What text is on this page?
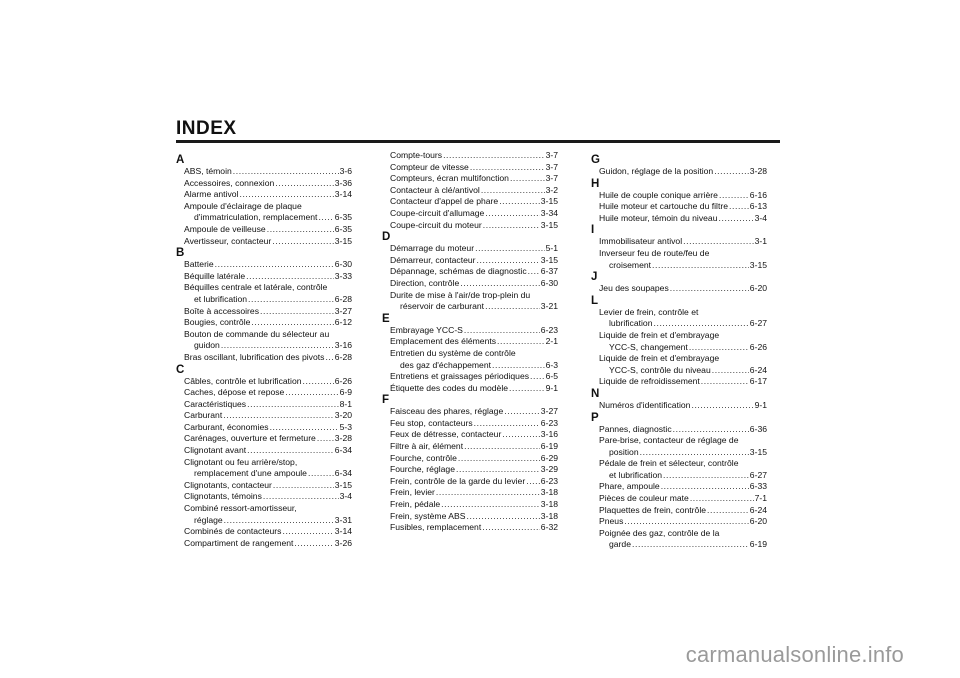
INDEX
A
ABS, témoin .....	3-6
Accessoires, connexion .....	3-36
Alarme antivol .....	3-14
Ampoule d'éclairage de plaque
d'immatriculation, remplacement ..... 6-35
Ampoule de veilleuse .....	6-35
Avertisseur, contacteur .....	3-15
B
Batterie .....	6-30
Béquille latérale .....	3-33
Béquilles centrale et latérale, contrôle
et lubrification .....	6-28
Boîte à accessoires .....	3-27
Bougies, contrôle .....	6-12
Bouton de commande du sélecteur au
guidon .....	3-16
Bras oscillant, lubrification des pivots ..... 6-28
C
Câbles, contrôle et lubrification .....	6-26
Caches, dépose et repose .....	6-9
Caractéristiques .....	8-1
Carburant .....	3-20
Carburant, économies .....	5-3
Carénages, ouverture et fermeture ..... 3-28
Clignotant avant .....	6-34
Clignotant ou feu arrière/stop,
remplacement d'une ampoule .....	6-34
Clignotants, contacteur .....	3-15
Clignotants, témoins .....	3-4
Combiné ressort-amortisseur,
réglage .....	3-31
Combinés de contacteurs .....	3-14
Compartiment de rangement .....	3-26
Compte-tours .....	3-7
Compteur de vitesse .....	3-7
Compteurs, écran multifonction .....	3-7
Contacteur à clé/antivol .....	3-2
Contacteur d'appel de phare .....	3-15
Coupe-circuit d'allumage .....	3-34
Coupe-circuit du moteur .....	3-15
D
Démarrage du moteur .....	5-1
Démarreur, contacteur .....	3-15
Dépannage, schémas de diagnostic ..... 6-37
Direction, contrôle .....	6-30
Durite de mise à l'air/de trop-plein du
réservoir de carburant .....	3-21
E
Embrayage YCC-S .....	6-23
Emplacement des éléments .....	2-1
Entretien du système de contrôle
des gaz d'échappement .....	6-3
Entretiens et graissages périodiques ..... 6-5
Étiquette des codes du modèle .....	9-1
F
Faisceau des phares, réglage .....	3-27
Feu stop, contacteurs .....	6-23
Feux de détresse, contacteur .....	3-16
Filtre à air, élément .....	6-19
Fourche, contrôle .....	6-29
Fourche, réglage .....	3-29
Frein, contrôle de la garde du levier ..... 6-23
Frein, levier .....	3-18
Frein, pédale .....	3-18
Frein, système ABS .....	3-18
Fusibles, remplacement .....	6-32
G
Guidon, réglage de la position .....	3-28
H
Huile de couple conique arrière .....	6-16
Huile moteur et cartouche du filtre .....	6-13
Huile moteur, témoin du niveau .....	3-4
I
Immobilisateur antivol .....	3-1
Inverseur feu de route/feu de
croisement .....	3-15
J
Jeu des soupapes .....	6-20
L
Levier de frein, contrôle et
lubrification .....	6-27
Liquide de frein et d'embrayage
YCC-S, changement .....	6-26
Liquide de frein et d'embrayage
YCC-S, contrôle du niveau .....	6-24
Liquide de refroidissement .....	6-17
N
Numéros d'identification .....	9-1
P
Pannes, diagnostic .....	6-36
Pare-brise, contacteur de réglage de
position .....	3-15
Pédale de frein et sélecteur, contrôle
et lubrification .....	6-27
Phare, ampoule .....	6-33
Pièces de couleur mate .....	7-1
Plaquettes de frein, contrôle .....	6-24
Pneus .....	6-20
Poignée des gaz, contrôle de la
garde .....	6-19
carmanualsonline.info
